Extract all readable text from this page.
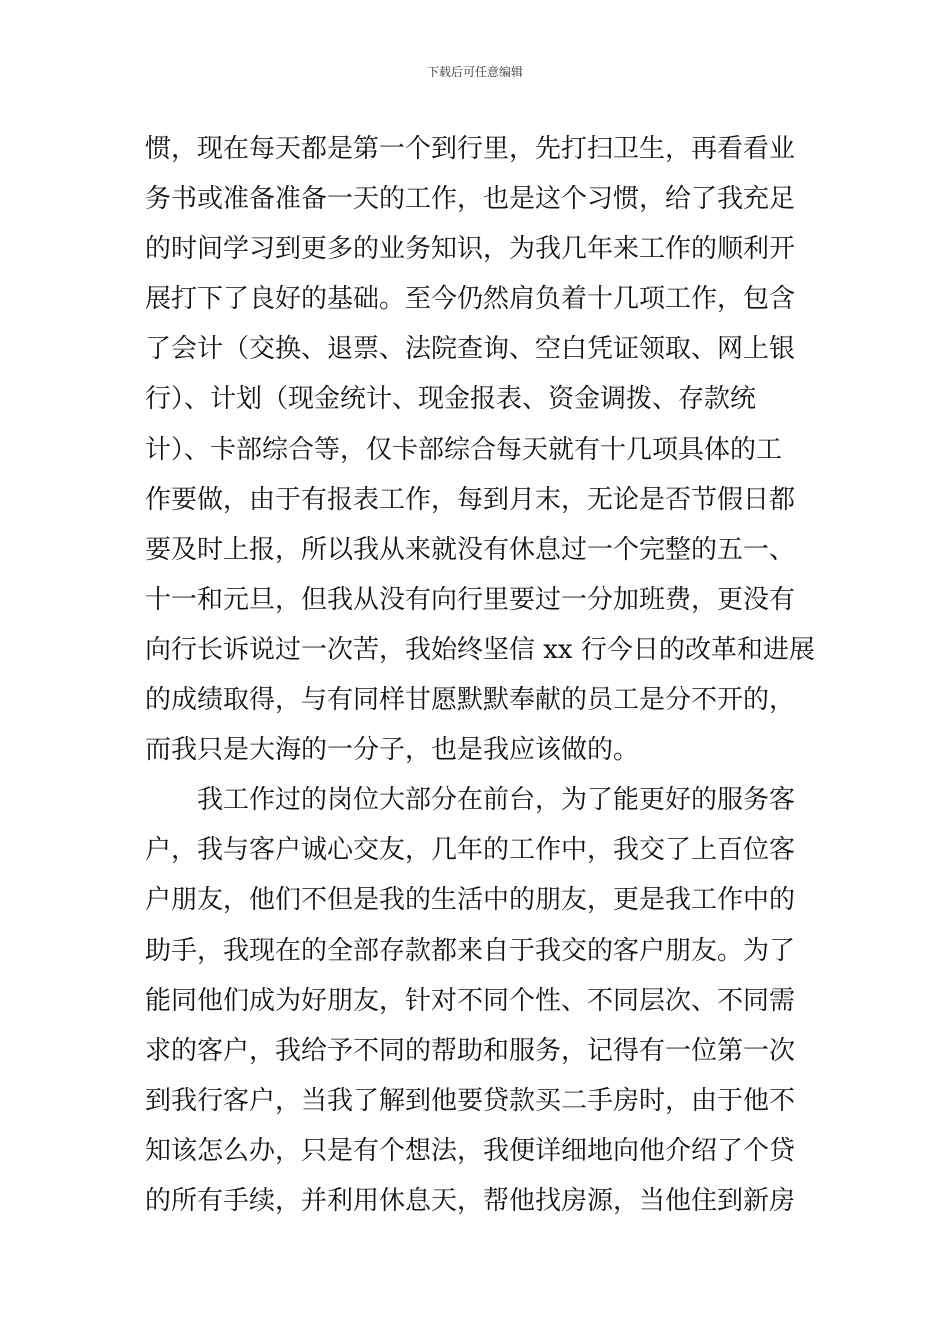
下载后可任意编辑
惯，现在每天都是第一个到行里，先打扫卫生，再看看业
务书或准备准备一天的工作，也是这个习惯，给了我充足
的时间学习到更多的业务知识，为我几年来工作的顺利开
展打下了良好的基础。至今仍然肩负着十几项工作，包含
了会计（交换、退票、法院查询、空白凭证领取、网上银
行）、计划（现金统计、现金报表、资金调拨、存款统
计）、卡部综合等，仅卡部综合每天就有十几项具体的工
作要做，由于有报表工作，每到月末，无论是否节假日都
要及时上报，所以我从来就没有休息过一个完整的五一、
十一和元旦，但我从没有向行里要过一分加班费，更没有
向行长诉说过一次苦，我始终坚信 xx 行今日的改革和进展
的成绩取得，与有同样甘愿默默奉献的员工是分不开的，
而我只是大海的一分子，也是我应该做的。
　　我工作过的岗位大部分在前台，为了能更好的服务客
户，我与客户诚心交友，几年的工作中，我交了上百位客
户朋友，他们不但是我的生活中的朋友，更是我工作中的
助手，我现在的全部存款都来自于我交的客户朋友。为了
能同他们成为好朋友，针对不同个性、不同层次、不同需
求的客户，我给予不同的帮助和服务，记得有一位第一次
到我行客户，当我了解到他要贷款买二手房时，由于他不
知该怎么办，只是有个想法，我便详细地向他介绍了个贷
的所有手续，并利用休息天，帮他找房源，当他住到新房
